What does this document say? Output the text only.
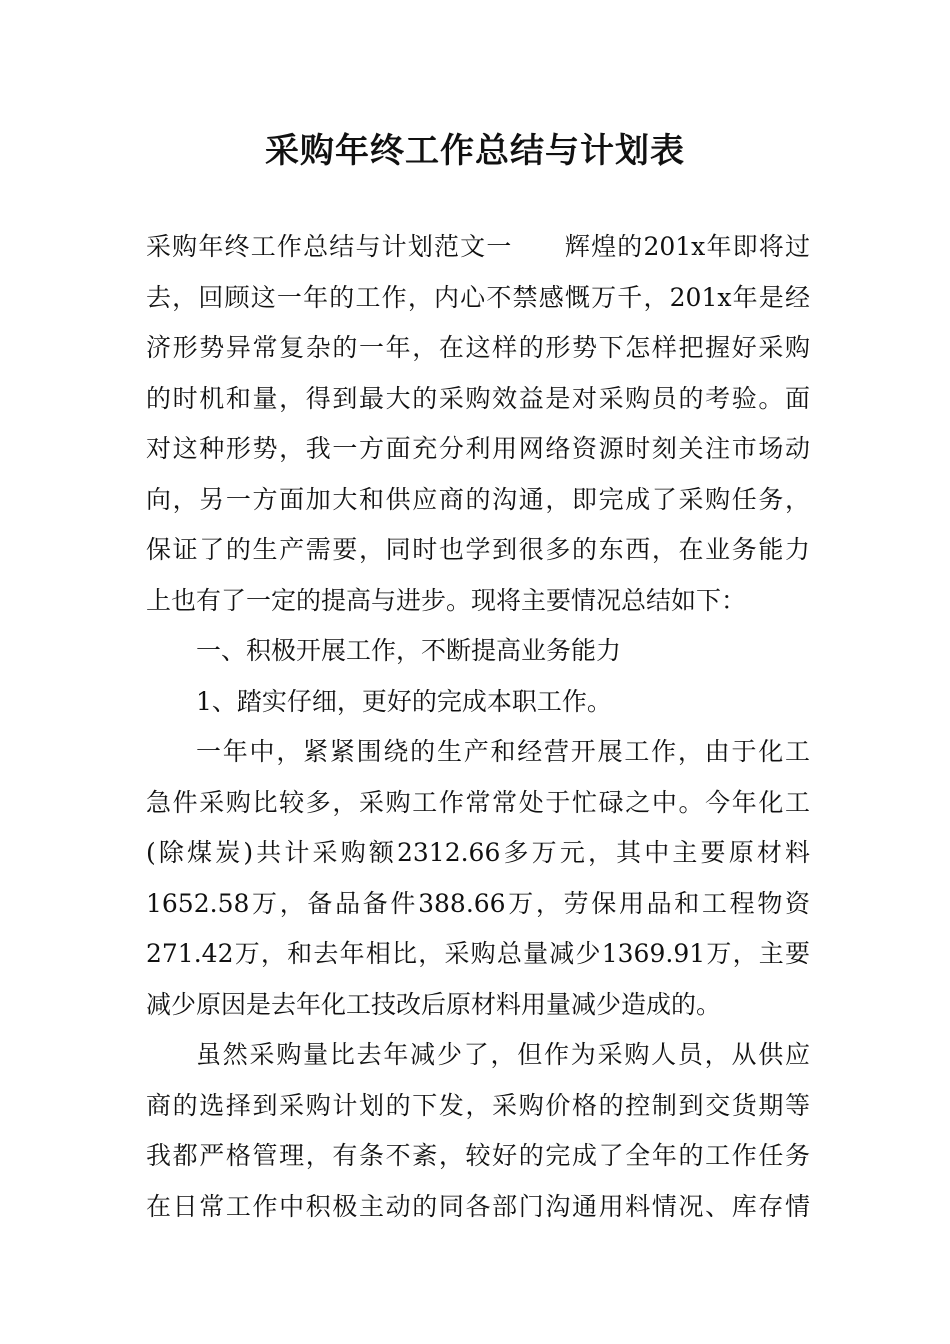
采购年终工作总结与计划表
采购年终工作总结与计划范文一　　辉煌的201x年即将过
去，回顾这一年的工作，内心不禁感慨万千，201x年是经
济形势异常复杂的一年，在这样的形势下怎样把握好采购
的时机和量，得到最大的采购效益是对采购员的考验。面
对这种形势，我一方面充分利用网络资源时刻关注市场动
向，另一方面加大和供应商的沟通，即完成了采购任务，
保证了的生产需要，同时也学到很多的东西，在业务能力
上也有了一定的提高与进步。现将主要情况总结如下：
一、积极开展工作，不断提高业务能力
1、踏实仔细，更好的完成本职工作。
一年中，紧紧围绕的生产和经营开展工作，由于化工
急件采购比较多，采购工作常常处于忙碌之中。今年化工
(除煤炭)共计采购额2312.66多万元，其中主要原材料
1652.58万，备品备件388.66万，劳保用品和工程物资
271.42万，和去年相比，采购总量减少1369.91万，主要
减少原因是去年化工技改后原材料用量减少造成的。
虽然采购量比去年减少了，但作为采购人员，从供应
商的选择到采购计划的下发，采购价格的控制到交货期等
我都严格管理，有条不紊，较好的完成了全年的工作任务
在日常工作中积极主动的同各部门沟通用料情况、库存情
